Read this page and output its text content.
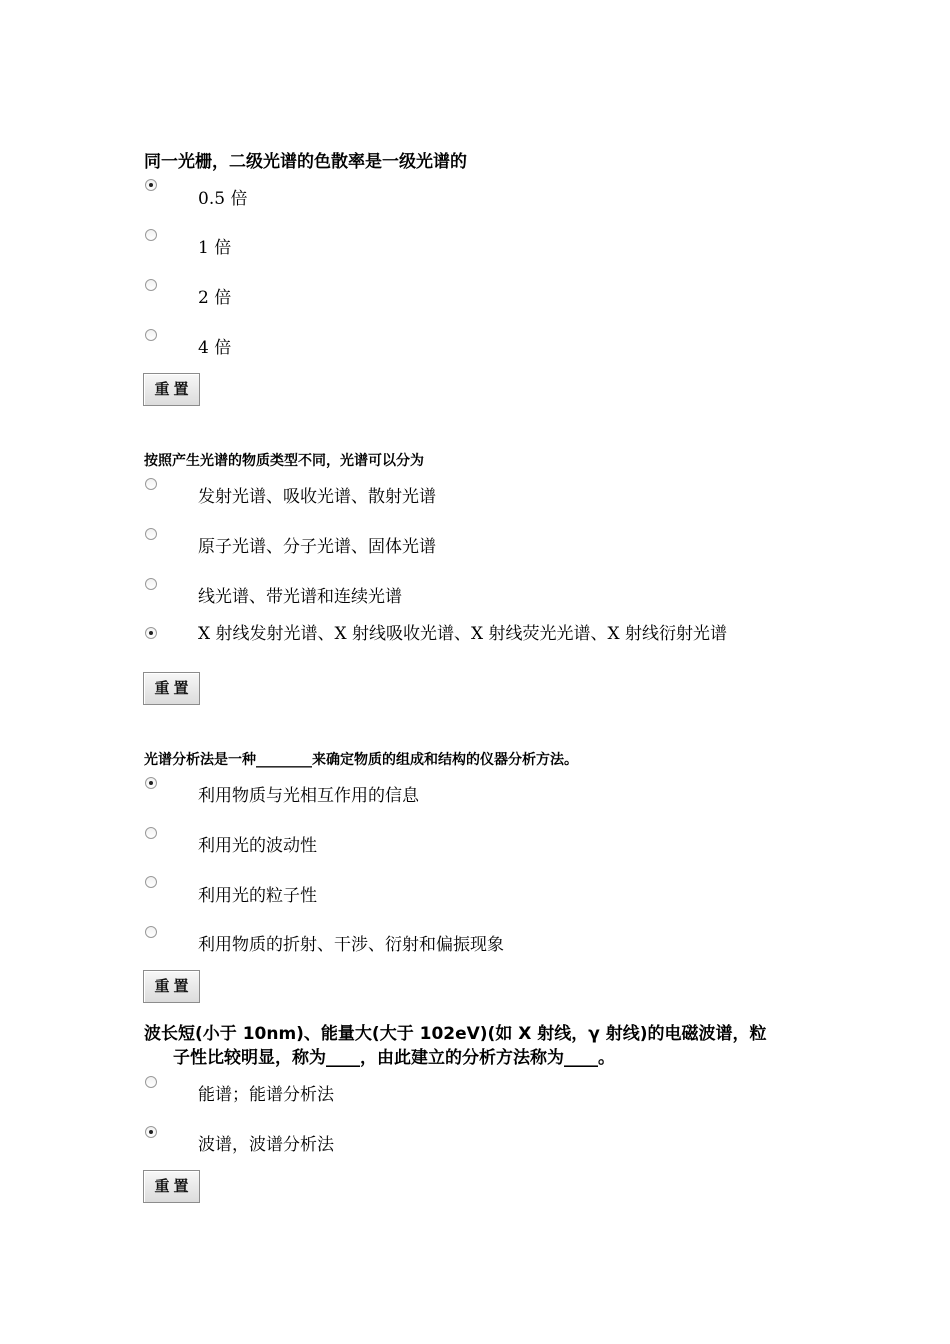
同一光栅，二级光谱的色散率是一级光谱的
0.5 倍
1 倍
2 倍
4 倍
重置
按照产生光谱的物质类型不同，光谱可以分为
发射光谱、吸收光谱、散射光谱
原子光谱、分子光谱、固体光谱
线光谱、带光谱和连续光谱
X 射线发射光谱、X 射线吸收光谱、X 射线荧光光谱、X 射线衍射光谱
重置
光谱分析法是一种________来确定物质的组成和结构的仪器分析方法。
利用物质与光相互作用的信息
利用光的波动性
利用光的粒子性
利用物质的折射、干涉、衍射和偏振现象
重置
波长短(小于 10nm)、能量大(大于 102eV)(如 X 射线，γ 射线)的电磁波谱，粒子性比较明显，称为____，由此建立的分析方法称为____。
能谱；能谱分析法
波谱，波谱分析法
重置
